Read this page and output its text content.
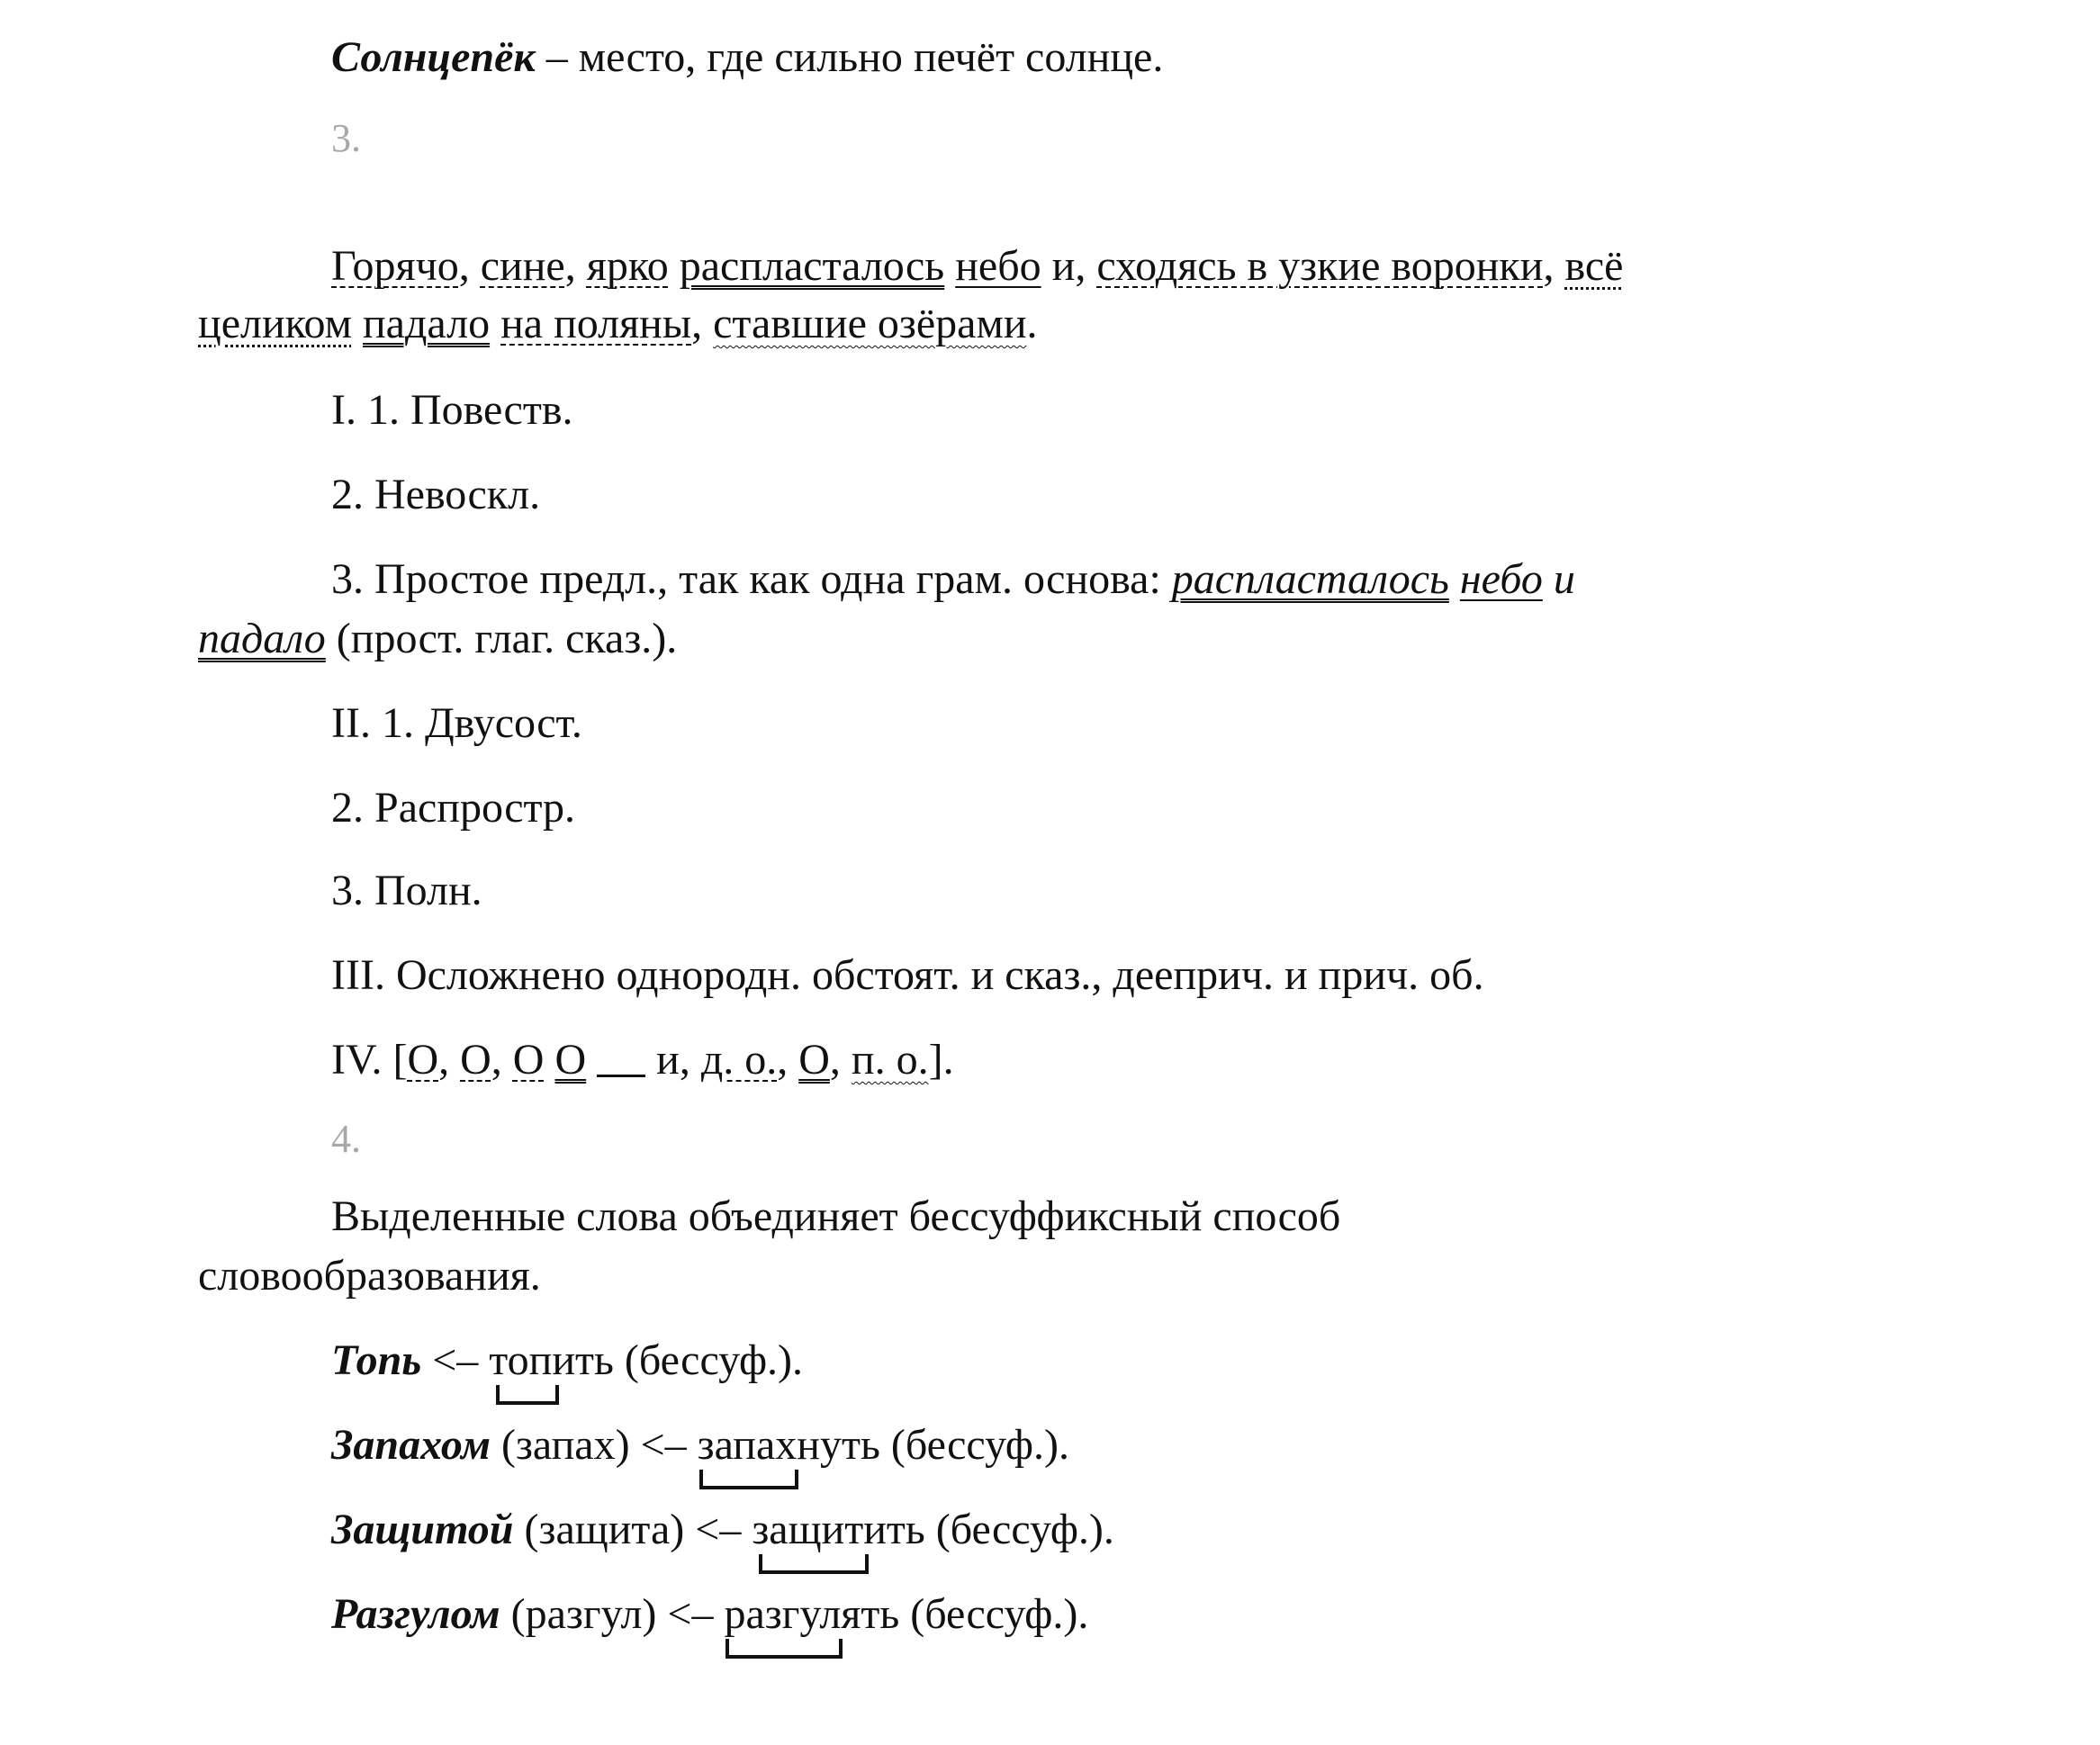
Солнцепёк – место, где сильно печёт солнце.
3.
Горячо, сине, ярко распласталось небо и, сходясь в узкие воронки, всё
целиком падало на поляны, ставшие озёрами.
I. 1. Повеств.
2. Невоскл.
3. Простое предл., так как одна грам. основа: распласталось небо и
падало (прост. глаг. сказ.).
II. 1. Двусост.
2. Распростр.
3. Полн.
III. Осложнено однородн. обстоят. и сказ., дееприч. и прич. об.
IV. [О, О, О О  и, д. о., О, п. о.].
4.
Выделенные слова объединяет бессуффиксный способ
словообразования.
Топь <– топ
ить (бессуф.).
Запахом (запах) <– запах
нуть (бессуф.).
Защитой (защита) <– защит
ить (бессуф.).
Разгулом (разгул) <– разгул
ять (бессуф.).
